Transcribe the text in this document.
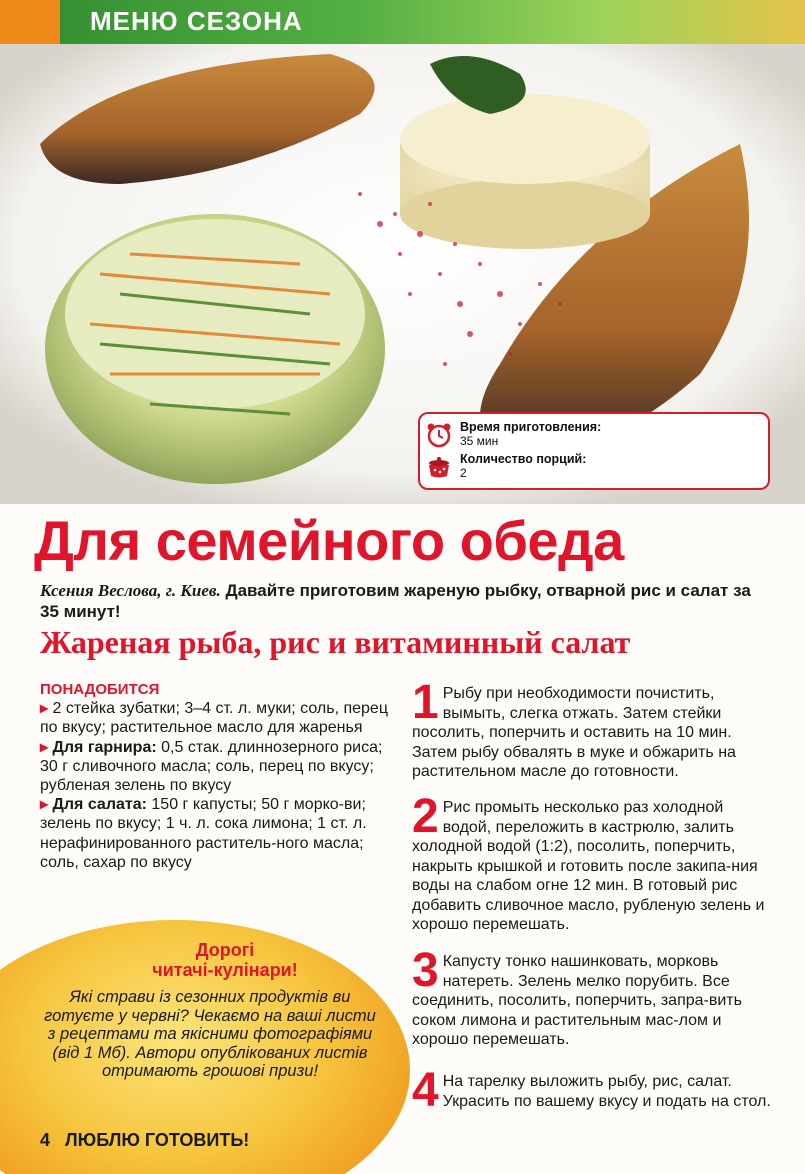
МЕНЮ СЕЗОНА
Время приготовления:
35 мин
Количество порций:
2
Для семейного обеда
Ксения Веслова, г. Киев. Давайте приготовим жареную рыбку, отварной рис и салат за 35 минут!
Жареная рыба, рис и витаминный салат
ПОНАДОБИТСЯ

▸ 2 стейка зубатки; 3–4 ст. л. муки; соль, перец по вкусу; растительное масло для жаренья

▸ Для гарнира: 0,5 стак. длиннозерного риса; 30 г сливочного масла; соль, перец по вкусу; рубленая зелень по вкусу

▸ Для салата: 150 г капусты; 50 г морко-ви; зелень по вкусу; 1 ч. л. сока лимона; 1 ст. л. нерафинированного раститель-ного масла; соль, сахар по вкусу

1 Рыбу при необходимости почистить, вымыть, слегка отжать. Затем стейки посолить, поперчить и оставить на 10 мин. Затем рыбу обвалять в муке и обжарить на растительном масле до готовности.
2 Рис промыть несколько раз холодной водой, переложить в кастрюлю, залить холодной водой (1:2), посолить, поперчить, накрыть крышкой и готовить после закипа-ния воды на слабом огне 12 мин. В готовый рис добавить сливочное масло, рубленую зелень и хорошо перемешать.
3 Капусту тонко нашинковать, морковь натереть. Зелень мелко порубить. Все соединить, посолить, поперчить, запра-вить соком лимона и растительным мас-лом и хорошо перемешать.
4 На тарелку выложить рыбу, рис, салат. Украсить по вашему вкусу и подать на стол.
Дорогі
читачі-кулінари!
Які страви із сезонних продуктів ви готуєте у червні? Чекаємо на ваші листи з рецептами та якісними фотографіями (від 1 Мб). Автори опублікованих листів отримають грошові призи!
4 ЛЮБЛЮ ГОТОВИТЬ!
